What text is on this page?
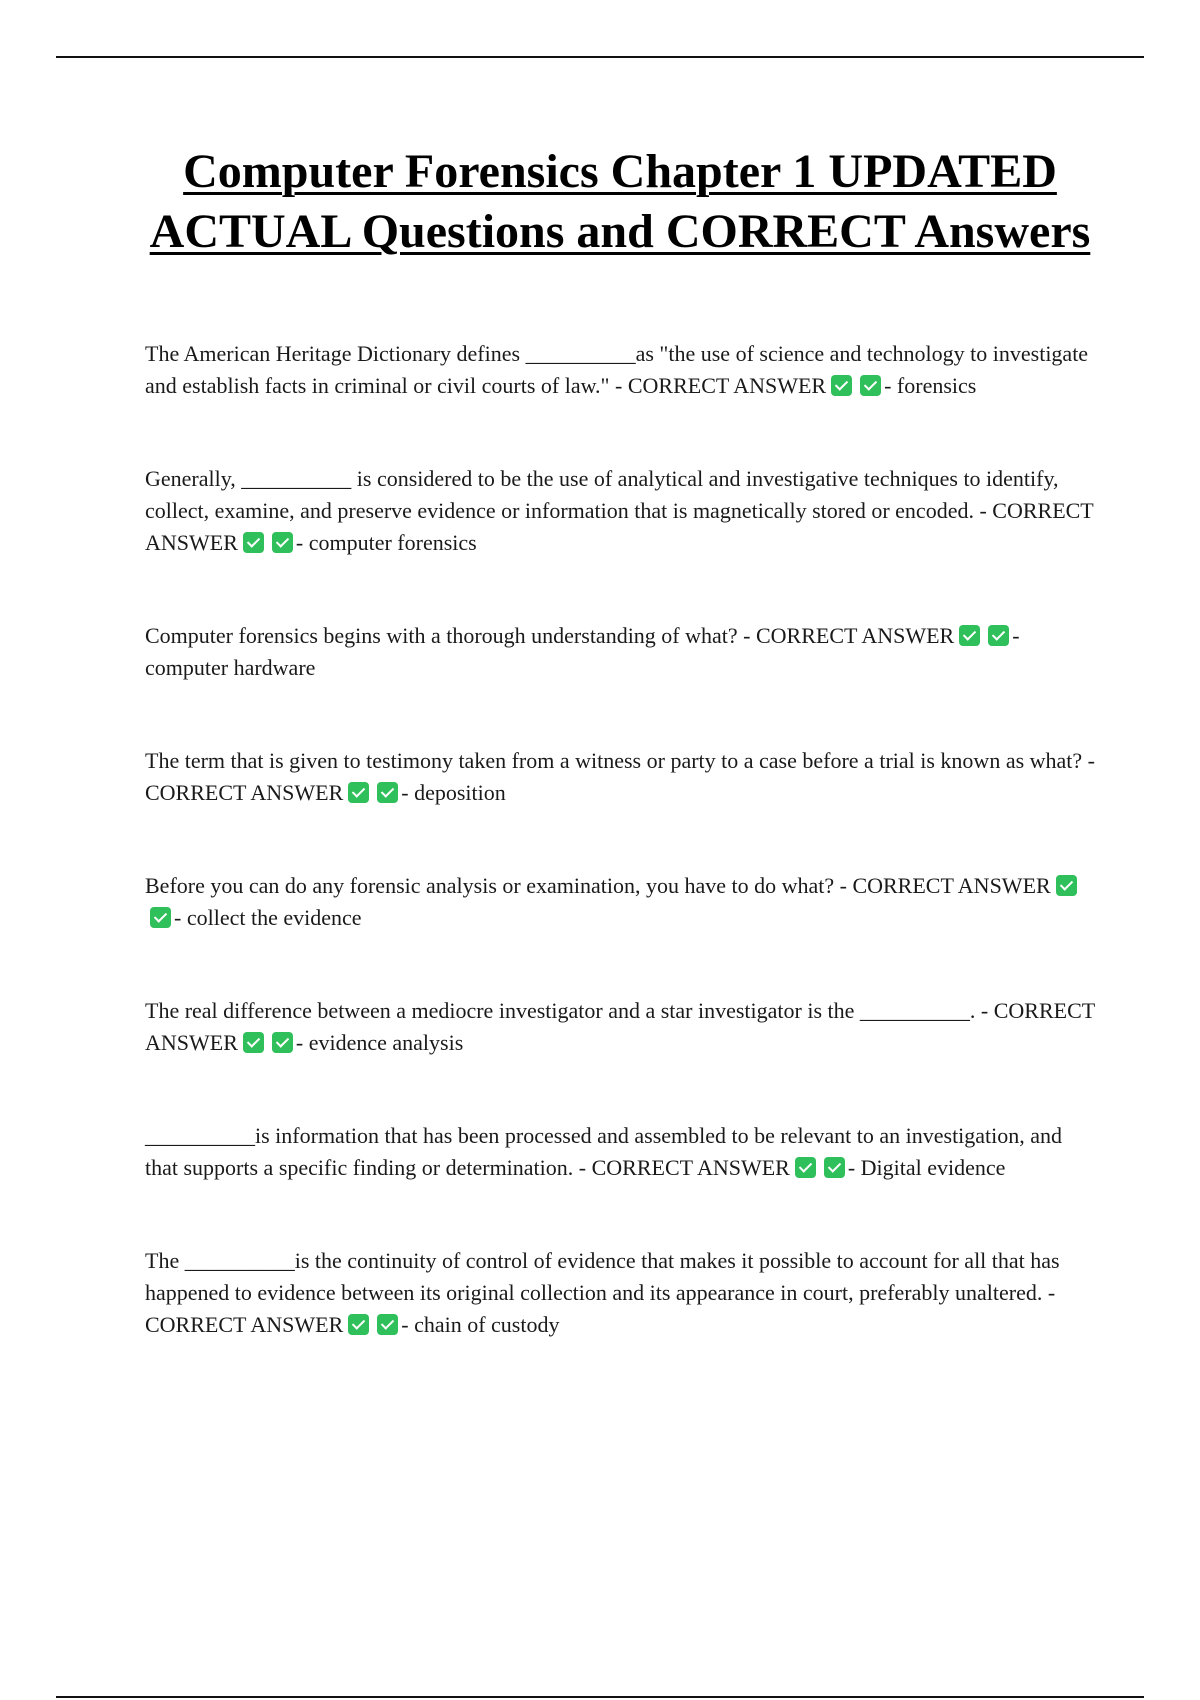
Computer Forensics Chapter 1 UPDATED ACTUAL Questions and CORRECT Answers

The American Heritage Dictionary defines __________as "the use of science and technology to investigate and establish facts in criminal or civil courts of law." - CORRECT ANSWER	- forensics

Generally, __________ is considered to be the use of analytical and investigative techniques to identify, collect, examine, and preserve evidence or information that is magnetically stored or encoded. - CORRECT ANSWER	- computer forensics

Computer forensics begins with a thorough understanding of what? - CORRECT ANSWER	- computer hardware

The term that is given to testimony taken from a witness or party to a case before a trial is known as what? - CORRECT ANSWER	- deposition

Before you can do any forensic analysis or examination, you have to do what? - CORRECT ANSWER- collect the evidence

The real difference between a mediocre investigator and a star investigator is the __________. - CORRECT ANSWER	- evidence analysis

__________is information that has been processed and assembled to be relevant to an investigation, and that supports a specific finding or determination. - CORRECT ANSWER	- Digital evidence

The __________is the continuity of control of evidence that makes it possible to account for all that has happened to evidence between its original collection and its appearance in court, preferably unaltered. - CORRECT ANSWER	- chain of custody
